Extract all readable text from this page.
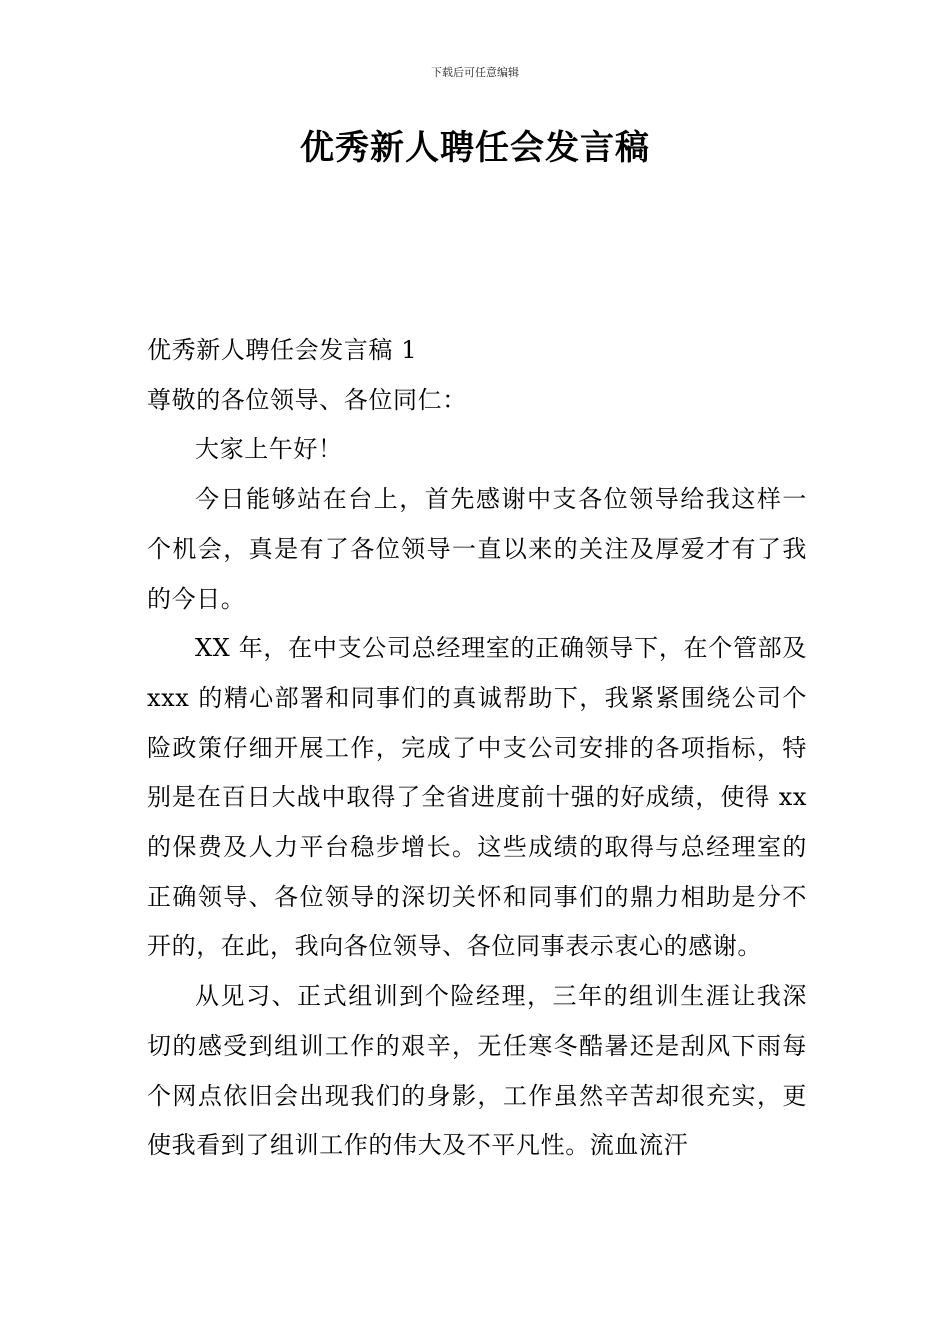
下载后可任意编辑
优秀新人聘任会发言稿

优秀新人聘任会发言稿 1

尊敬的各位领导、各位同仁：

大家上午好！

今日能够站在台上，首先感谢中支各位领导给我这样一个机会，真是有了各位领导一直以来的关注及厚爱才有了我的今日。

XX 年，在中支公司总经理室的正确领导下，在个管部及 xxx 的精心部署和同事们的真诚帮助下，我紧紧围绕公司个险政策仔细开展工作，完成了中支公司安排的各项指标，特别是在百日大战中取得了全省进度前十强的好成绩，使得 xx 的保费及人力平台稳步增长。这些成绩的取得与总经理室的正确领导、各位领导的深切关怀和同事们的鼎力相助是分不开的，在此，我向各位领导、各位同事表示衷心的感谢。

从见习、正式组训到个险经理，三年的组训生涯让我深切的感受到组训工作的艰辛，无任寒冬酷暑还是刮风下雨每个网点依旧会出现我们的身影，工作虽然辛苦却很充实，更使我看到了组训工作的伟大及不平凡性。流血流汗
